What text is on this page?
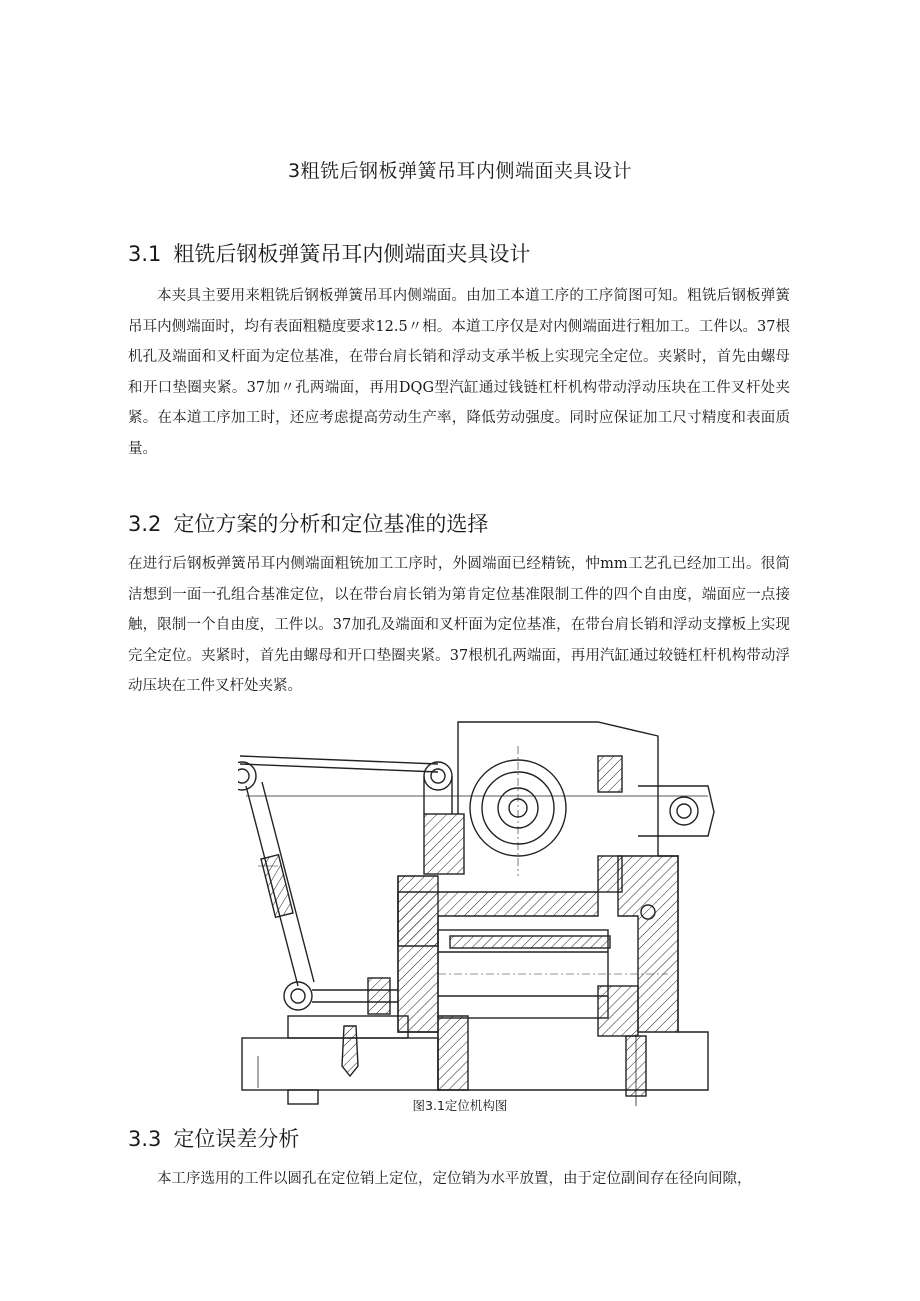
3粗铣后钢板弹簧吊耳内侧端面夹具设计
3.1 粗铣后钢板弹簧吊耳内侧端面夹具设计

本夹具主要用来粗铣后钢板弹簧吊耳内侧端面。由加工本道工序的工序简图可知。粗铣后钢板弹簧吊耳内侧端面时，均有表面粗糙度要求12.5〃相。本道工序仅是对内侧端面进行粗加工。工件以。37根机孔及端面和叉杆面为定位基准，在带台肩长销和浮动支承半板上实现完全定位。夹紧时，首先由螺母和开口垫圈夹紧。37加〃孔两端面，再用DQG型汽缸通过钱链杠杆机构带动浮动压块在工件叉杆处夹紧。在本道工序加工时，还应考虑提高劳动生产率，降低劳动强度。同时应保证加工尺寸精度和表面质量。

3.2 定位方案的分析和定位基准的选择

在进行后钢板弹簧吊耳内侧端面粗铳加工工序时，外圆端面已经精铳，忡mm工艺孔已经加工出。很简洁想到一面一孔组合基准定位，以在带台肩长销为第肯定位基准限制工件的四个自由度，端面应一点接触，限制一个自由度，工件以。37加孔及端面和叉杆面为定位基准，在带台肩长销和浮动支撑板上实现完全定位。夹紧时，首先由螺母和开口垫圈夹紧。37根机孔两端面，再用汽缸通过较链杠杆机构带动浮动压块在工件叉杆处夹紧。

图3.1定位机构图

3.3 定位误差分析

本工序选用的工件以圆孔在定位销上定位，定位销为水平放置，由于定位副间存在径向间隙，
